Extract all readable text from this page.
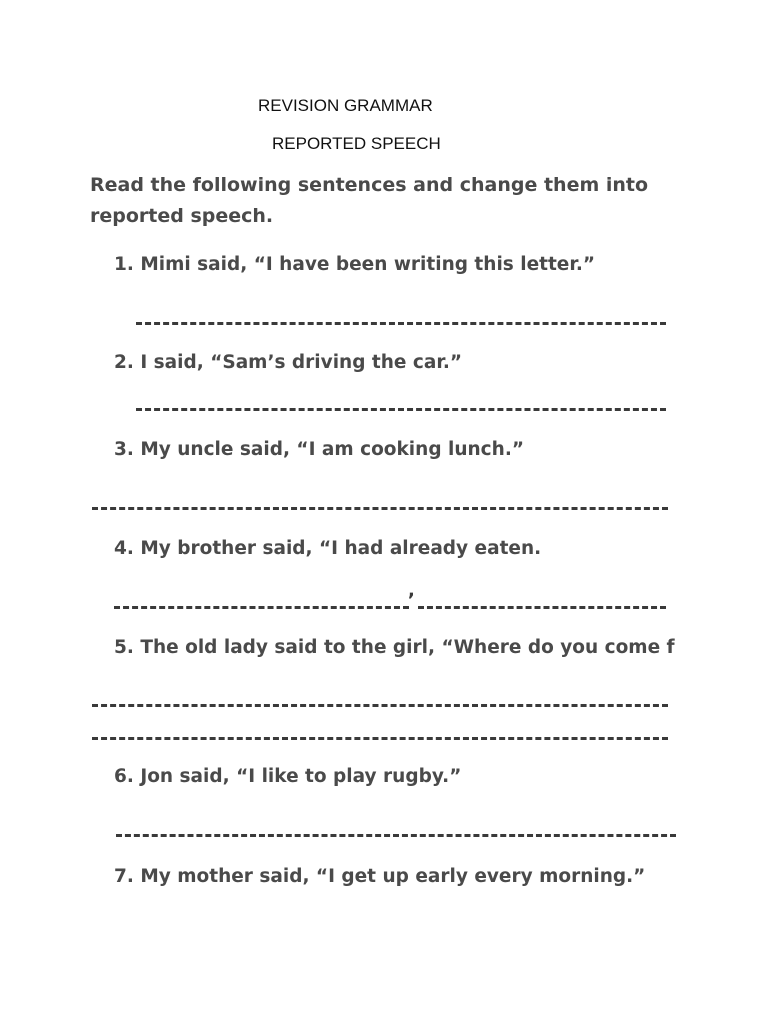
REVISION GRAMMAR
REPORTED SPEECH
Read the following sentences and change them into reported speech.
1. Mimi said, “I have been writing this letter.”
2. I said, “Sam’s driving the car.”
3. My uncle said, “I am cooking lunch.”
4. My brother said, “I had already eaten.
,
5. The old lady said to the girl, “Where do you come f
6. Jon said, “I like to play rugby.”
7. My mother said, “I get up early every morning.”
